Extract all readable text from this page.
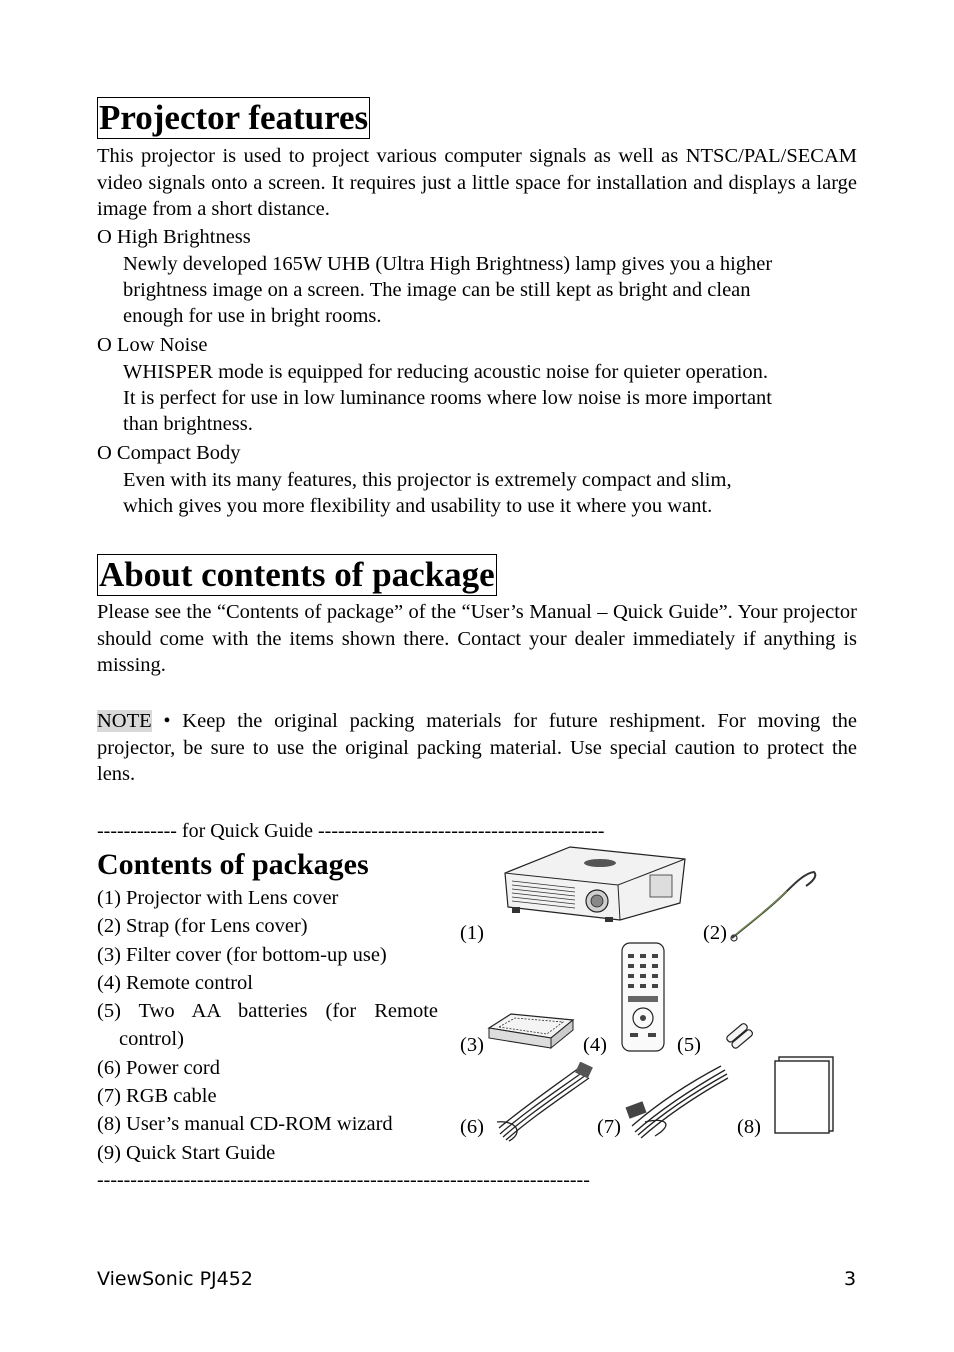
Projector features

This projector is used to project various computer signals as well as NTSC/PAL/SECAM video signals onto a screen. It requires just a little space for installation and displays a large image from a short distance.

O High Brightness

Newly developed 165W UHB (Ultra High Brightness) lamp gives you a higher

brightness image on a screen. The image can be still kept as bright and clean

enough for use in bright rooms.

O Low Noise

WHISPER mode is equipped for reducing acoustic noise for quieter operation.

It is perfect for use in low luminance rooms where low noise is more important

than brightness.

O Compact Body

Even with its many features, this projector is extremely compact and slim,

which gives you more flexibility and usability to use it where you want.

About contents of package

Please see the “Contents of package” of the “User’s Manual – Quick Guide”. Your projector should come with the items shown there. Contact your dealer immediately if anything is missing.

NOTE • Keep the original packing materials for future reshipment. For moving the projector, be sure to use the original packing material. Use special caution to protect the lens.

------------ for Quick Guide -------------------------------------------
Contents of packages

(1) Projector with Lens cover

(2) Strap (for Lens cover)

(3) Filter cover (for bottom-up use)

(4) Remote control

(5) Two AA batteries (for Remote

control)

(6) Power cord

(7) RGB cable

(8) User’s manual CD-ROM wizard

(9) Quick Start Guide

--------------------------------------------------------------------------
(1)	(2)
(3)	(4)	(5)
(6)	(7)	(8)
ViewSonic PJ452	3
